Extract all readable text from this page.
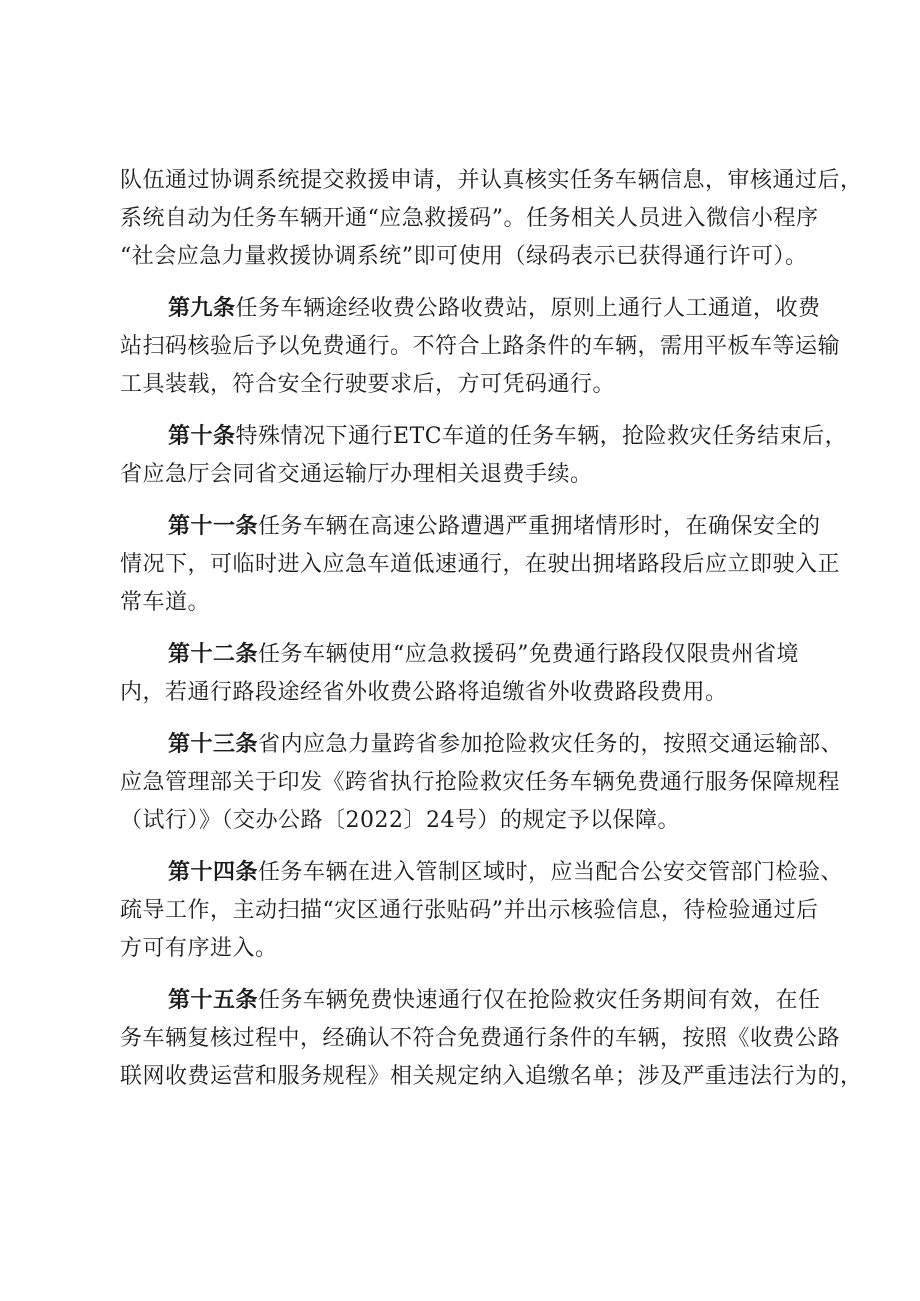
队伍通过协调系统提交救援申请，并认真核实任务车辆信息，审核通过后，
系统自动为任务车辆开通“应急救援码”。任务相关人员进入微信小程序
“社会应急力量救援协调系统”即可使用（绿码表示已获得通行许可）。
第九条任务车辆途经收费公路收费站，原则上通行人工通道，收费
站扫码核验后予以免费通行。不符合上路条件的车辆，需用平板车等运输
工具装载，符合安全行驶要求后，方可凭码通行。
第十条特殊情况下通行ETC车道的任务车辆，抢险救灾任务结束后，
省应急厅会同省交通运输厅办理相关退费手续。
第十一条任务车辆在高速公路遭遇严重拥堵情形时，在确保安全的
情况下，可临时进入应急车道低速通行，在驶出拥堵路段后应立即驶入正
常车道。
第十二条任务车辆使用“应急救援码”免费通行路段仅限贵州省境
内，若通行路段途经省外收费公路将追缴省外收费路段费用。
第十三条省内应急力量跨省参加抢险救灾任务的，按照交通运输部、
应急管理部关于印发《跨省执行抢险救灾任务车辆免费通行服务保障规程
（试行）》（交办公路〔2022〕24号）的规定予以保障。
第十四条任务车辆在进入管制区域时，应当配合公安交管部门检验、
疏导工作，主动扫描“灾区通行张贴码”并出示核验信息，待检验通过后
方可有序进入。
第十五条任务车辆免费快速通行仅在抢险救灾任务期间有效，在任
务车辆复核过程中，经确认不符合免费通行条件的车辆，按照《收费公路
联网收费运营和服务规程》相关规定纳入追缴名单；涉及严重违法行为的，
